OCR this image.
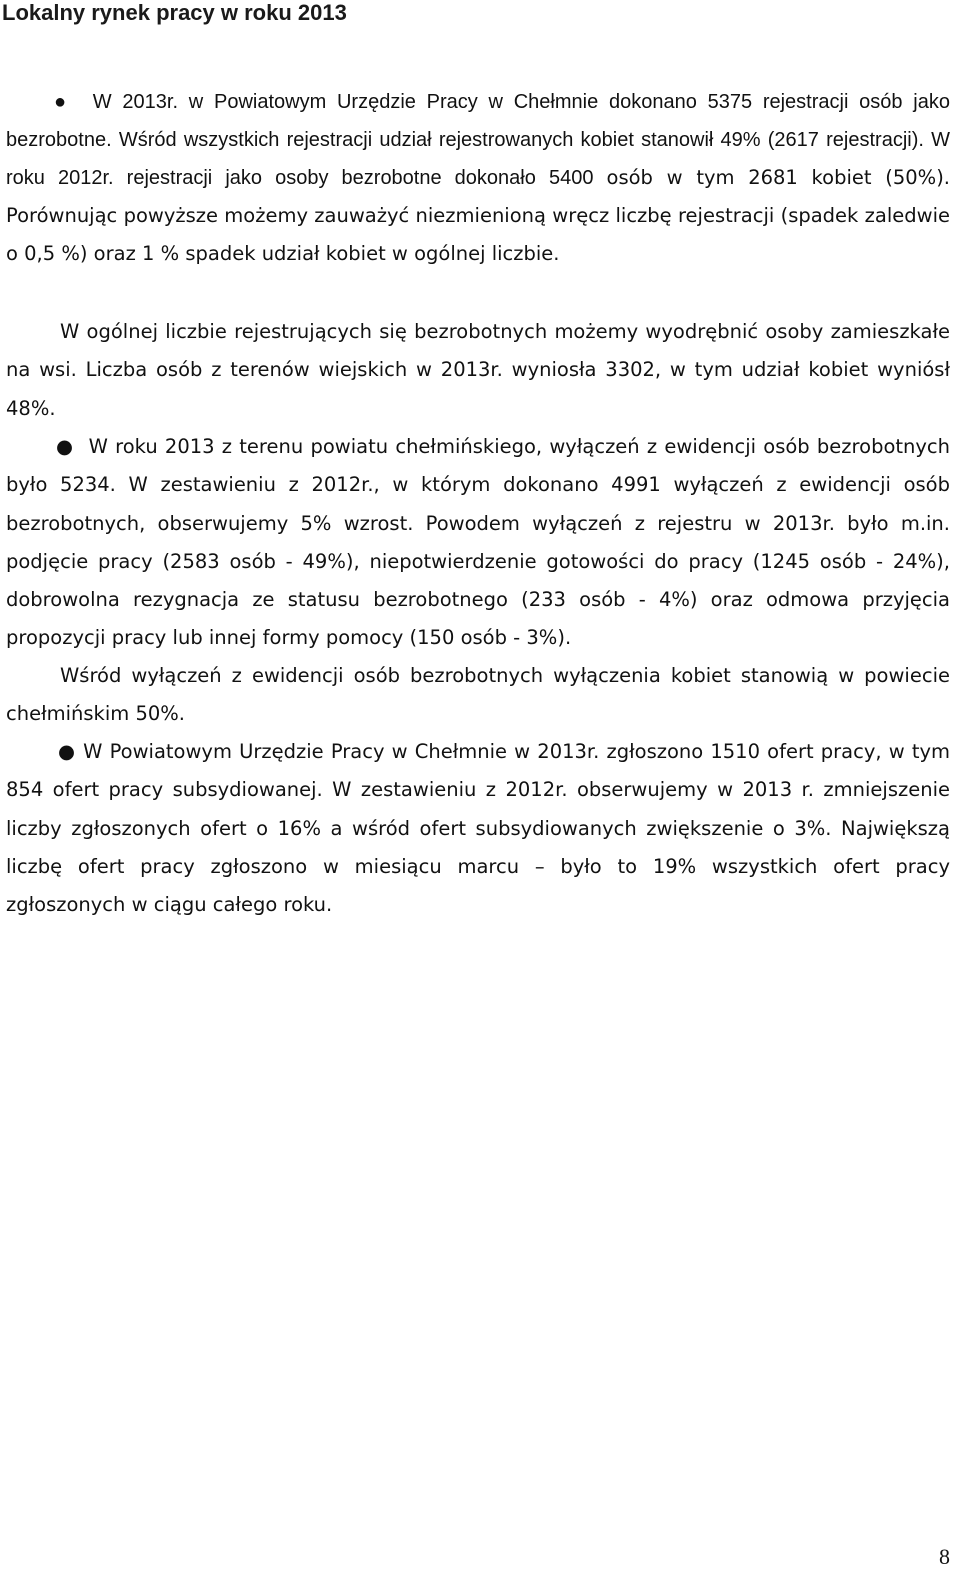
Lokalny rynek pracy w roku 2013

● W 2013r. w Powiatowym Urzędzie Pracy w Chełmnie dokonano 5375 rejestracji osób jako bezrobotne. Wśród wszystkich rejestracji udział rejestrowanych kobiet stanowił 49% (2617 rejestracji). W roku 2012r. rejestracji jako osoby bezrobotne dokonało 5400 osób w tym 2681 kobiet (50%). Porównując powyższe możemy zauważyć niezmienioną wręcz liczbę rejestracji (spadek zaledwie o 0,5 %) oraz 1 % spadek udział kobiet w ogólnej liczbie.

W ogólnej liczbie rejestrujących się bezrobotnych możemy wyodrębnić osoby zamieszkałe na wsi. Liczba osób z terenów wiejskich w 2013r. wyniosła 3302, w tym udział kobiet wyniósł 48%.

● W roku 2013 z terenu powiatu chełmińskiego, wyłączeń z ewidencji osób bezrobotnych było 5234. W zestawieniu z 2012r., w którym dokonano 4991 wyłączeń z ewidencji osób bezrobotnych, obserwujemy 5% wzrost. Powodem wyłączeń z rejestru w 2013r. było m.in. podjęcie pracy (2583 osób - 49%), niepotwierdzenie gotowości do pracy (1245 osób - 24%), dobrowolna rezygnacja ze statusu bezrobotnego (233 osób - 4%) oraz odmowa przyjęcia propozycji pracy lub innej formy pomocy (150 osób - 3%).

Wśród wyłączeń z ewidencji osób bezrobotnych wyłączenia kobiet stanowią w powiecie chełmińskim 50%.

● W Powiatowym Urzędzie Pracy w Chełmnie w 2013r. zgłoszono 1510 ofert pracy, w tym 854 ofert pracy subsydiowanej. W zestawieniu z 2012r. obserwujemy w 2013 r. zmniejszenie liczby zgłoszonych ofert o 16% a wśród ofert subsydiowanych zwiększenie o 3%. Największą liczbę ofert pracy zgłoszono w miesiącu marcu – było to 19% wszystkich ofert pracy zgłoszonych w ciągu całego roku.

8
